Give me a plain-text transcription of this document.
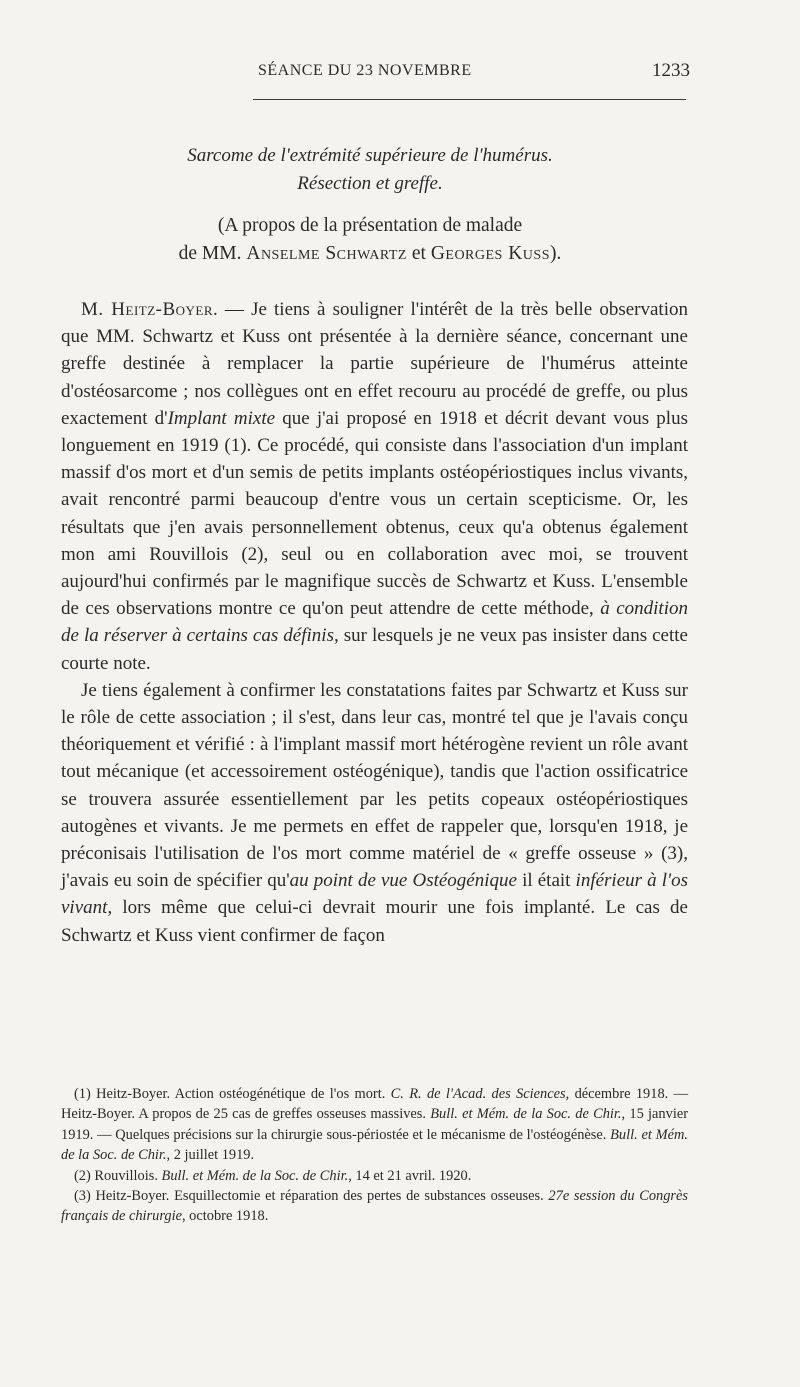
SÉANCE DU 23 NOVEMBRE	1233
Sarcome de l'extrémité supérieure de l'humérus.
Résection et greffe.
(A propos de la présentation de malade
de MM. Anselme Schwartz et Georges Kuss).

M. Heitz-Boyer. — Je tiens à souligner l'intérêt de la très belle observation que MM. Schwartz et Kuss ont présentée à la dernière séance, concernant une greffe destinée à remplacer la partie supérieure de l'humérus atteinte d'ostéosarcome ; nos collègues ont en effet recouru au procédé de greffe, ou plus exactement d'Implant mixte que j'ai proposé en 1918 et décrit devant vous plus longuement en 1919 (1). Ce procédé, qui consiste dans l'association d'un implant massif d'os mort et d'un semis de petits implants ostéopériostiques inclus vivants, avait rencontré parmi beaucoup d'entre vous un certain scepticisme. Or, les résultats que j'en avais personnellement obtenus, ceux qu'a obtenus également mon ami Rouvillois (2), seul ou en collaboration avec moi, se trouvent aujourd'hui confirmés par le magnifique succès de Schwartz et Kuss. L'ensemble de ces observations montre ce qu'on peut attendre de cette méthode, à condition de la réserver à certains cas définis, sur lesquels je ne veux pas insister dans cette courte note.

Je tiens également à confirmer les constatations faites par Schwartz et Kuss sur le rôle de cette association ; il s'est, dans leur cas, montré tel que je l'avais conçu théoriquement et vérifié : à l'implant massif mort hétérogène revient un rôle avant tout mécanique (et accessoirement ostéogénique), tandis que l'action ossificatrice se trouvera assurée essentiellement par les petits copeaux ostéopériostiques autogènes et vivants. Je me permets en effet de rappeler que, lorsqu'en 1918, je préconisais l'utilisation de l'os mort comme matériel de « greffe osseuse » (3), j'avais eu soin de spécifier qu'au point de vue Ostéogénique il était inférieur à l'os vivant, lors même que celui-ci devrait mourir une fois implanté. Le cas de Schwartz et Kuss vient confirmer de façon

(1) Heitz-Boyer. Action ostéogénétique de l'os mort. C. R. de l'Acad. des Sciences, décembre 1918. — Heitz-Boyer. A propos de 25 cas de greffes osseuses massives. Bull. et Mém. de la Soc. de Chir., 15 janvier 1919. — Quelques précisions sur la chirurgie sous-périostée et le mécanisme de l'ostéogénèse. Bull. et Mém. de la Soc. de Chir., 2 juillet 1919.

(2) Rouvillois. Bull. et Mém. de la Soc. de Chir., 14 et 21 avril. 1920.

(3) Heitz-Boyer. Esquillectomie et réparation des pertes de substances osseuses. 27e session du Congrès français de chirurgie, octobre 1918.
